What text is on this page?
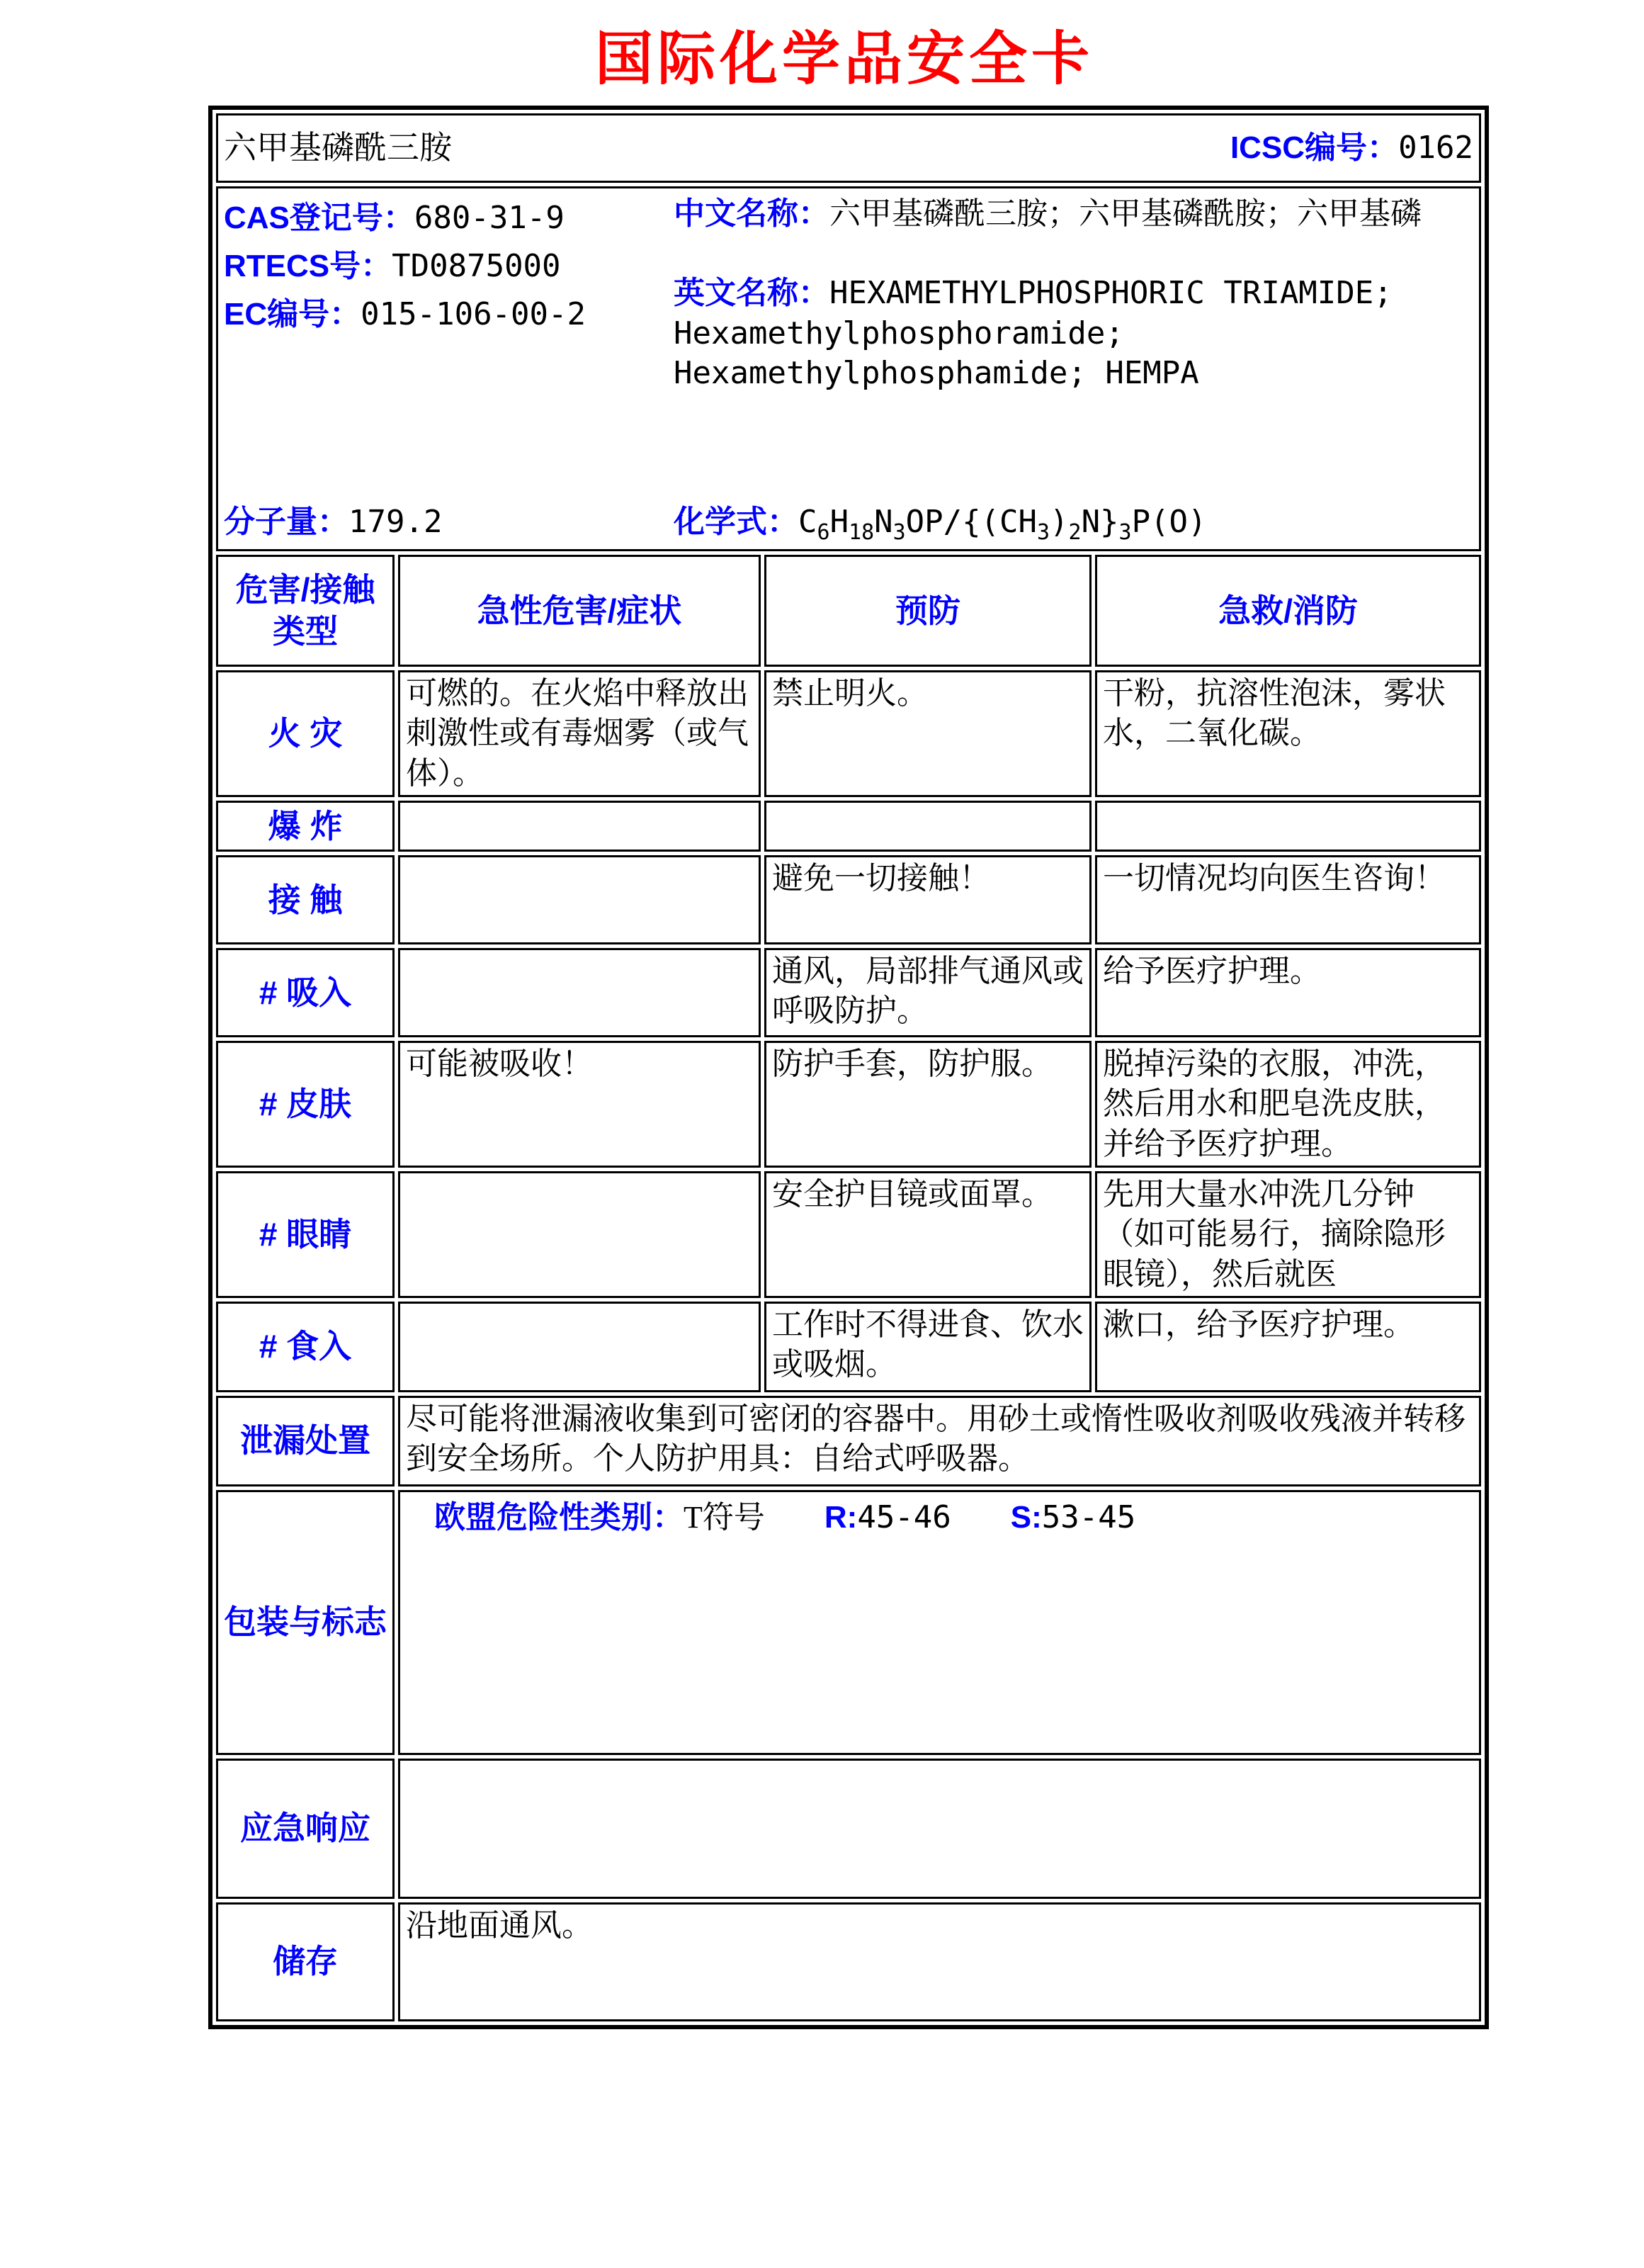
国际化学品安全卡
六甲基磷酰三胺 ICSC编号：0162			

CAS登记号：680-31-9
RTECS号：TD0875000
EC编号：015-106-00-2
中文名称：六甲基磷酰三胺；六甲基磷酰胺；六甲基磷
英文名称：HEXAMETHYLPHOSPHORIC TRIAMIDE; Hexamethylphosphoramide; Hexamethylphosphamide; HEMPA
分子量：179.2	化学式：$C_6H_{18}N_3OP/\{(CH_3)_2N\}_3P(O)$

危害/接触 类型	急性危害/症状	预防	急救/消防
火 灾	可燃的。在火焰中释放出刺激性或有毒烟雾（或气体）。	禁止明火。	干粉，抗溶性泡沫，雾状水，二氧化碳。
爆 炸			
接 触		避免一切接触！	一切情况均向医生咨询！
# 吸入		通风，局部排气通风或呼吸防护。	给予医疗护理。
# 皮肤	可能被吸收！	防护手套，防护服。	脱掉污染的衣服，冲洗，然后用水和肥皂洗皮肤，并给予医疗护理。
# 眼睛		安全护目镜或面罩。	先用大量水冲洗几分钟（如可能易行，摘除隐形眼镜），然后就医
# 食入		工作时不得进食、饮水或吸烟。	漱口，给予医疗护理。
泄漏处置	尽可能将泄漏液收集到可密闭的容器中。用砂土或惰性吸收剂吸收残液并转移到安全场所。个人防护用具：自给式呼吸器。		
包装与标志	欧盟危险性类别：T符号 R:45-46 S:53-45		

应急响应			
储存	沿地面通风。		
